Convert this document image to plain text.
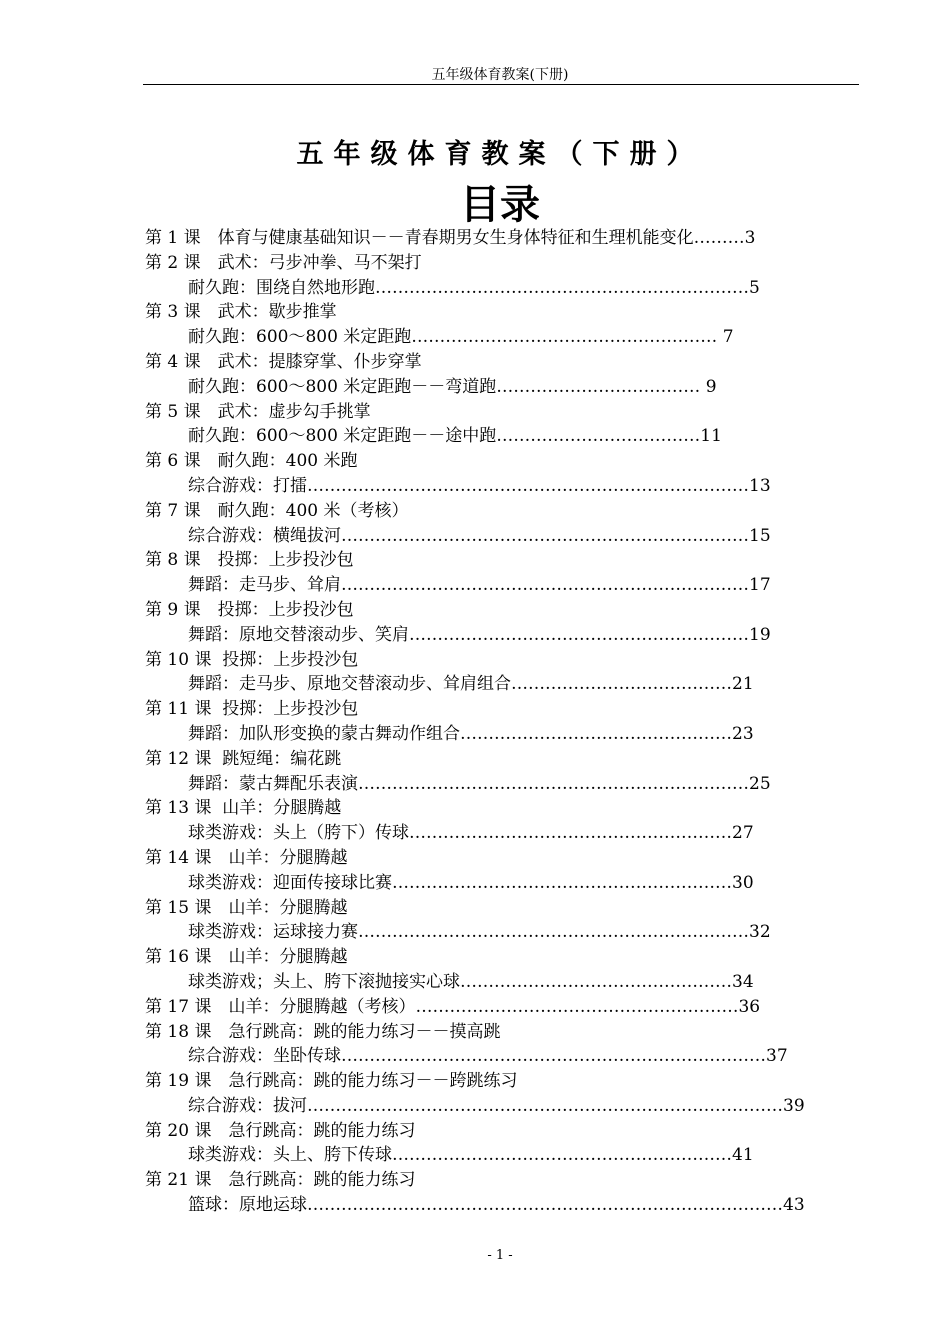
五年级体育教案(下册)
五年级体育教案（下册）
目录
第 1 课　体育与健康基础知识－－青春期男女生身体特征和生理机能变化………3
第 2 课　武术：弓步冲拳、马不架打
耐久跑：围绕自然地形跑…………………………………………………………5
第 3 课　武术：歇步推掌
耐久跑：600～800 米定距跑……………………………………………… 7
第 4 课　武术：提膝穿掌、仆步穿掌
耐久跑：600～800 米定距跑－－弯道跑……………………………… 9
第 5 课　武术：虚步勾手挑掌
耐久跑：600～800 米定距跑－－途中跑………………………………11
第 6 课　耐久跑：400 米跑
综合游戏：打擂……………………………………………………………………13
第 7 课　耐久跑：400 米（考核）
综合游戏：横绳拔河………………………………………………………………15
第 8 课　投掷：上步投沙包
舞蹈：走马步、耸肩………………………………………………………………17
第 9 课　投掷：上步投沙包
舞蹈：原地交替滚动步、笑肩……………………………………………………19
第 10 课  投掷：上步投沙包
舞蹈：走马步、原地交替滚动步、耸肩组合…………………………………21
第 11 课  投掷：上步投沙包
舞蹈：加队形变换的蒙古舞动作组合…………………………………………23
第 12 课  跳短绳：编花跳
舞蹈：蒙古舞配乐表演……………………………………………………………25
第 13 课  山羊：分腿腾越
球类游戏：头上（胯下）传球…………………………………………………27
第 14 课　山羊：分腿腾越
球类游戏：迎面传接球比赛……………………………………………………30
第 15 课　山羊：分腿腾越
球类游戏：运球接力赛……………………………………………………………32
第 16 课　山羊：分腿腾越
球类游戏；头上、胯下滚抛接实心球…………………………………………34
第 17 课　山羊：分腿腾越（考核）…………………………………………………36
第 18 课　急行跳高：跳的能力练习－－摸高跳
综合游戏：坐卧传球…………………………………………………………………37
第 19 课　急行跳高：跳的能力练习－－跨跳练习
综合游戏：拔河…………………………………………………………………………39
第 20 课　急行跳高：跳的能力练习
球类游戏：头上、胯下传球……………………………………………………41
第 21 课　急行跳高：跳的能力练习
篮球：原地运球…………………………………………………………………………43
- 1 -
